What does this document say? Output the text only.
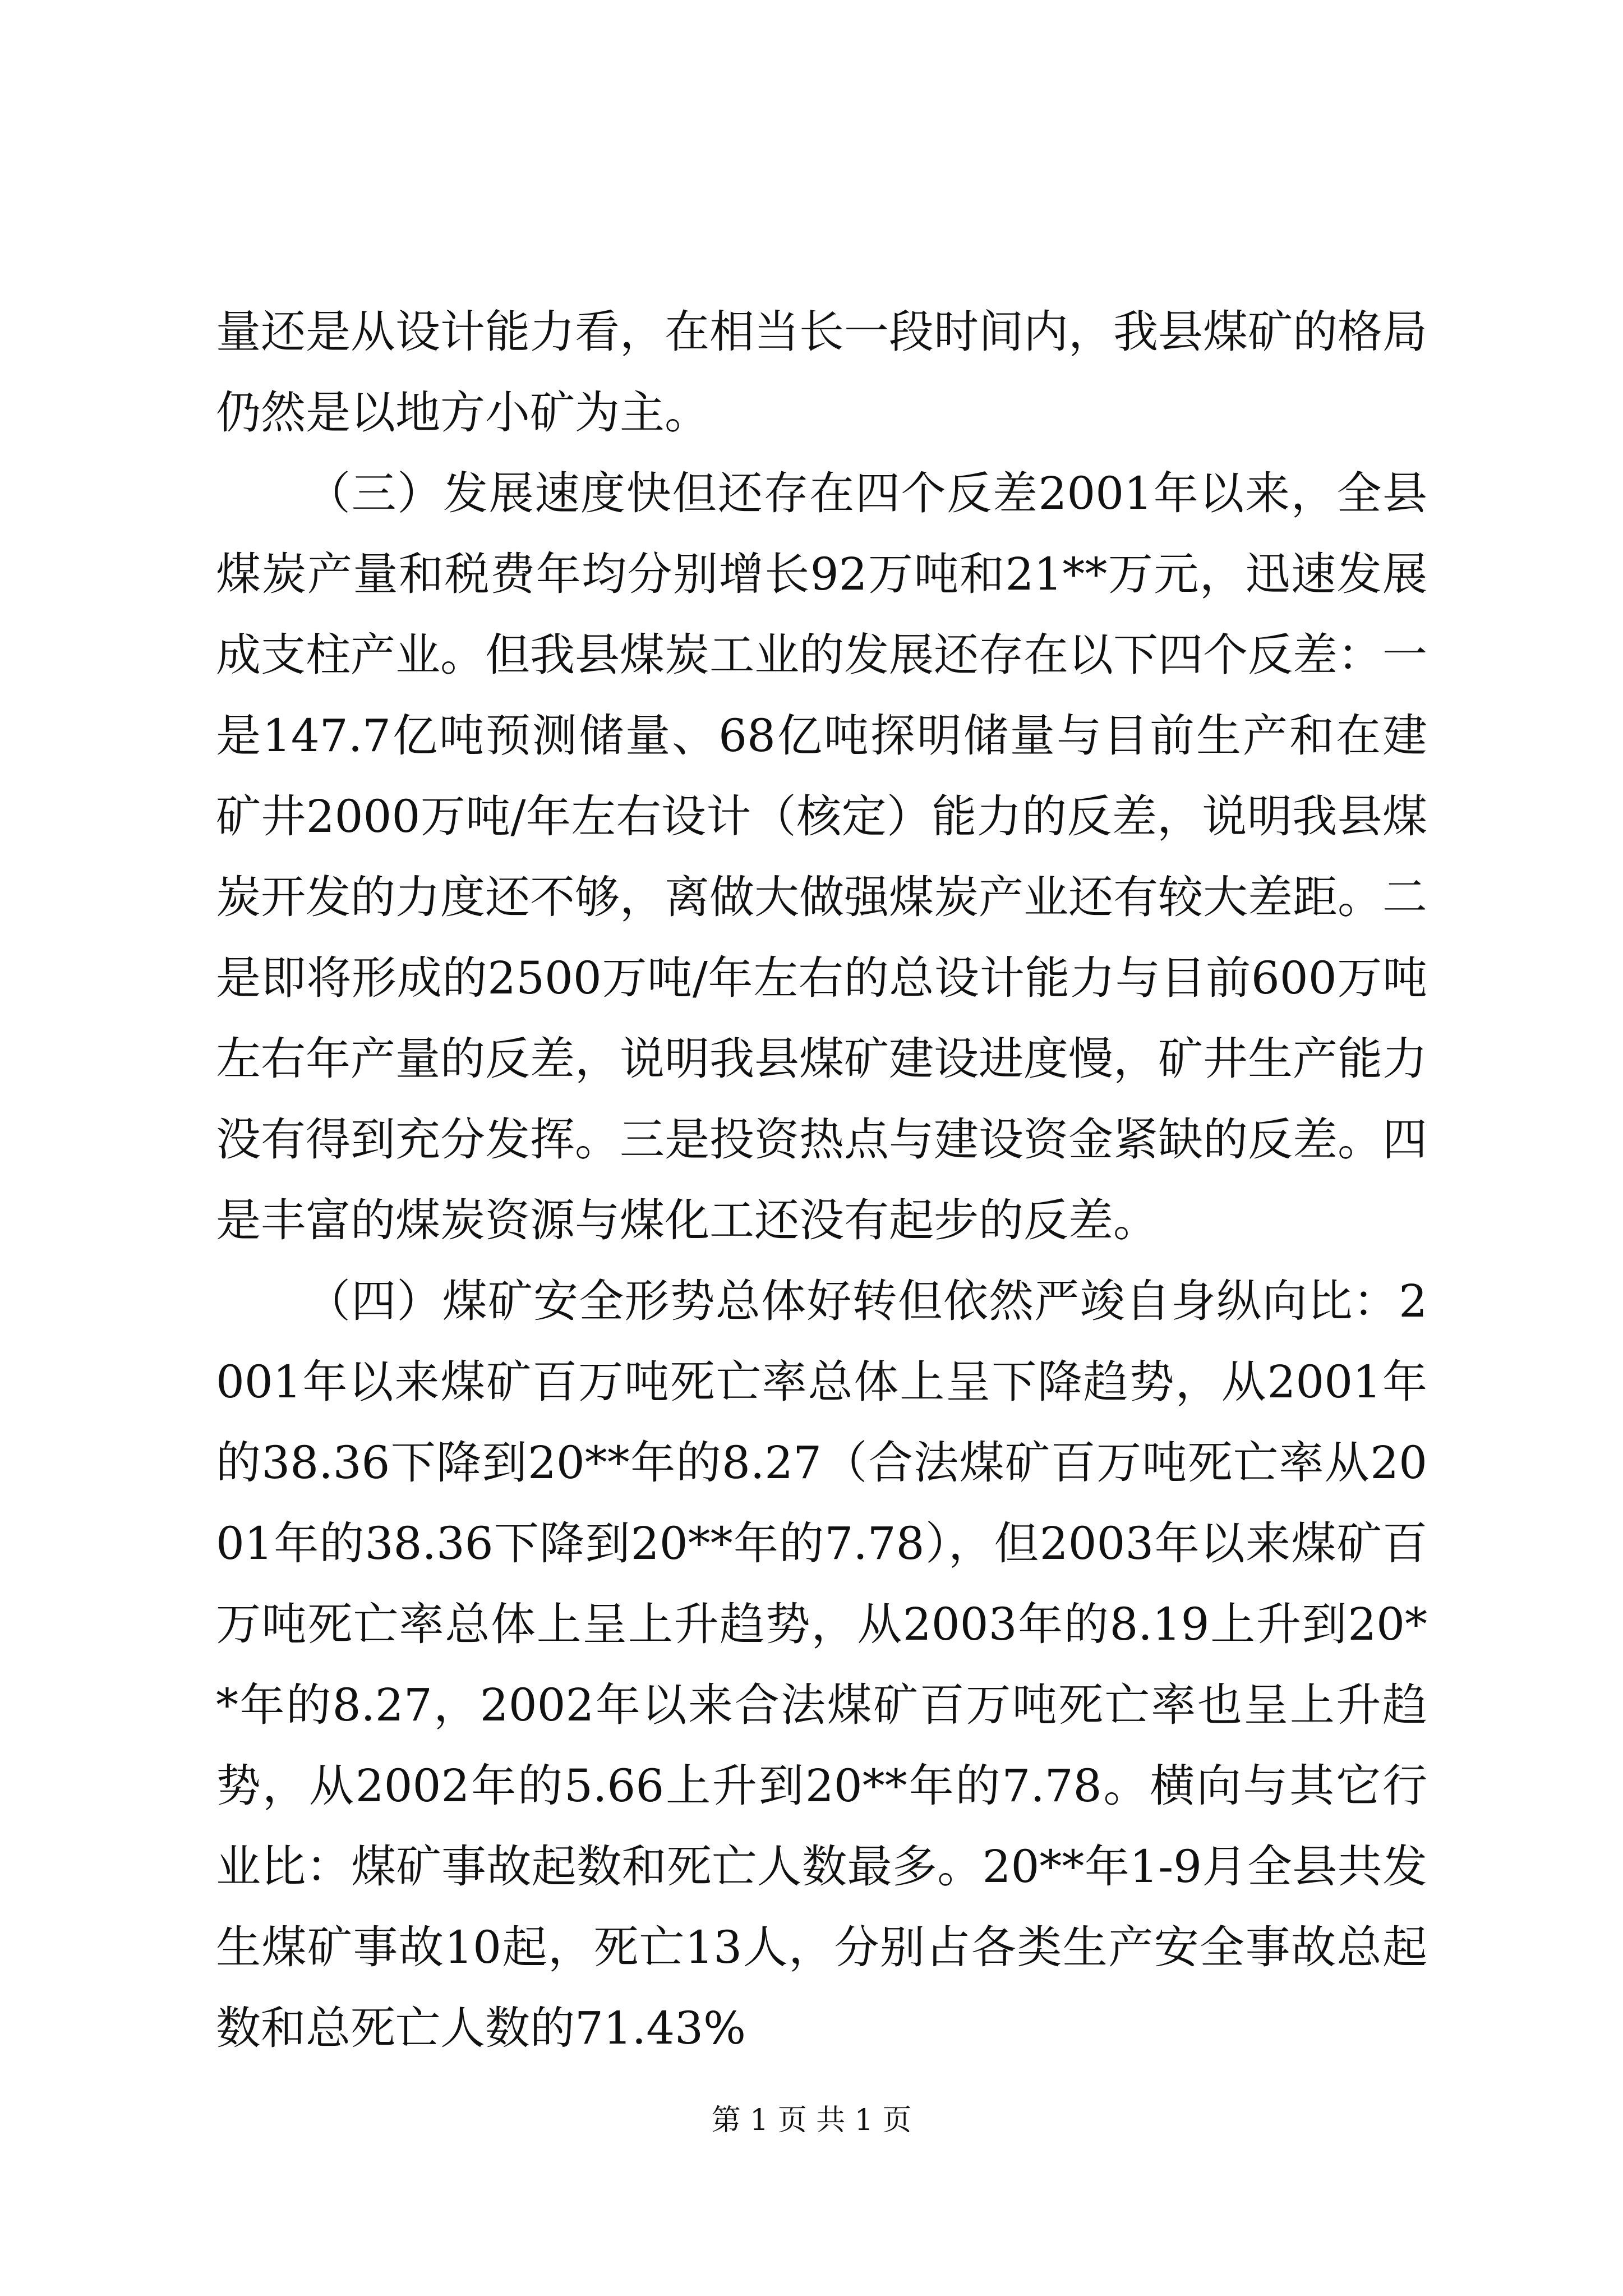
量还是从设计能力看，在相当长一段时间内，我县煤矿的格局仍然是以地方小矿为主。

（三）发展速度快但还存在四个反差2001年以来，全县煤炭产量和税费年均分别增长92万吨和21**万元，迅速发展成支柱产业。但我县煤炭工业的发展还存在以下四个反差：一是147.7亿吨预测储量、68亿吨探明储量与目前生产和在建矿井2000万吨/年左右设计（核定）能力的反差，说明我县煤炭开发的力度还不够，离做大做强煤炭产业还有较大差距。二是即将形成的2500万吨/年左右的总设计能力与目前600万吨左右年产量的反差，说明我县煤矿建设进度慢，矿井生产能力没有得到充分发挥。三是投资热点与建设资金紧缺的反差。四是丰富的煤炭资源与煤化工还没有起步的反差。

（四）煤矿安全形势总体好转但依然严竣自身纵向比：2001年以来煤矿百万吨死亡率总体上呈下降趋势，从2001年的38.36下降到20**年的8.27（合法煤矿百万吨死亡率从2001年的38.36下降到20**年的7.78），但2003年以来煤矿百万吨死亡率总体上呈上升趋势，从2003年的8.19上升到20**年的8.27，2002年以来合法煤矿百万吨死亡率也呈上升趋势，从2002年的5.66上升到20**年的7.78。横向与其它行业比：煤矿事故起数和死亡人数最多。20**年1-9月全县共发生煤矿事故10起，死亡13人，分别占各类生产安全事故总起数和总死亡人数的71.43%

第 1 页 共 1 页
